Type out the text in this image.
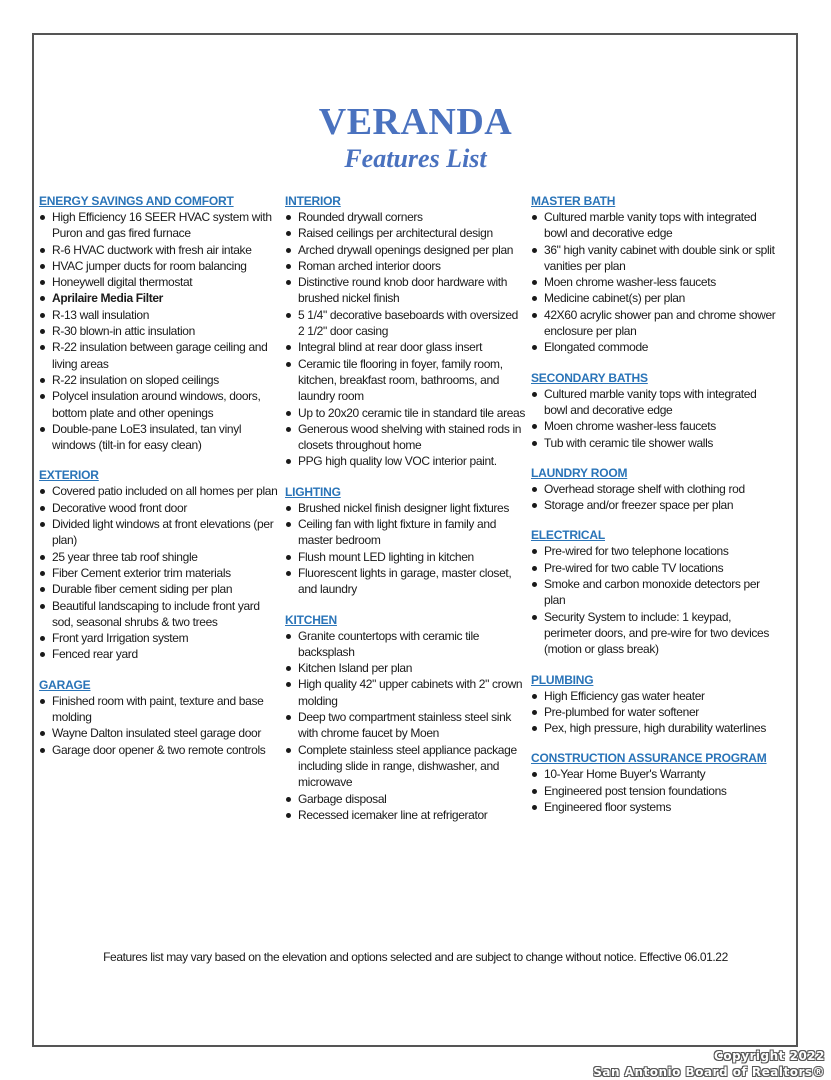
VERANDA
Features List

ENERGY SAVINGS AND COMFORT

High Efficiency 16 SEER HVAC system with Puron and gas fired furnace
R-6 HVAC ductwork with fresh air intake
HVAC jumper ducts for room balancing
Honeywell digital thermostat
Aprilaire Media Filter
R-13 wall insulation
R-30 blown-in attic insulation
R-22 insulation between garage ceiling and living areas
R-22 insulation on sloped ceilings
Polycel insulation around windows, doors, bottom plate and other openings
Double-pane LoE3 insulated, tan vinyl windows (tilt-in for easy clean)

EXTERIOR

Covered patio included on all homes per plan
Decorative wood front door
Divided light windows at front elevations (per plan)
25 year three tab roof shingle
Fiber Cement exterior trim materials
Durable fiber cement siding per plan
Beautiful landscaping to include front yard sod, seasonal shrubs & two trees
Front yard Irrigation system
Fenced rear yard

GARAGE

Finished room with paint, texture and base molding
Wayne Dalton insulated steel garage door
Garage door opener & two remote controls

INTERIOR

Rounded drywall corners
Raised ceilings per architectural design
Arched drywall openings designed per plan
Roman arched interior doors
Distinctive round knob door hardware with brushed nickel finish
5 1/4" decorative baseboards with oversized 2 1/2" door casing
Integral blind at rear door glass insert
Ceramic tile flooring in foyer, family room, kitchen, breakfast room, bathrooms, and laundry room
Up to 20x20 ceramic tile in standard tile areas
Generous wood shelving with stained rods in closets throughout home
PPG high quality low VOC interior paint.

LIGHTING

Brushed nickel finish designer light fixtures
Ceiling fan with light fixture in family and master bedroom
Flush mount LED lighting in kitchen
Fluorescent lights in garage, master closet, and laundry

KITCHEN

Granite countertops with ceramic tile backsplash
Kitchen Island per plan
High quality 42" upper cabinets with 2" crown molding
Deep two compartment stainless steel sink with chrome faucet by Moen
Complete stainless steel appliance package including slide in range, dishwasher, and microwave
Garbage disposal
Recessed icemaker line at refrigerator

MASTER BATH

Cultured marble vanity tops with integrated bowl and decorative edge
36" high vanity cabinet with double sink or split vanities per plan
Moen chrome washer-less faucets
Medicine cabinet(s) per plan
42X60 acrylic shower pan and chrome shower enclosure per plan
Elongated commode

SECONDARY BATHS

Cultured marble vanity tops with integrated bowl and decorative edge
Moen chrome washer-less faucets
Tub with ceramic tile shower walls

LAUNDRY ROOM

Overhead storage shelf with clothing rod
Storage and/or freezer space per plan

ELECTRICAL

Pre-wired for two telephone locations
Pre-wired for two cable TV locations
Smoke and carbon monoxide detectors per plan
Security System to include: 1 keypad, perimeter doors, and pre-wire for two devices (motion or glass break)

PLUMBING

High Efficiency gas water heater
Pre-plumbed for water softener
Pex, high pressure, high durability waterlines

CONSTRUCTION ASSURANCE PROGRAM

10-Year Home Buyer's Warranty
Engineered post tension foundations
Engineered floor systems
Features list may vary based on the elevation and options selected and are subject to change without notice. Effective 06.01.22
Copyright 2022
San Antonio Board of Realtors®
